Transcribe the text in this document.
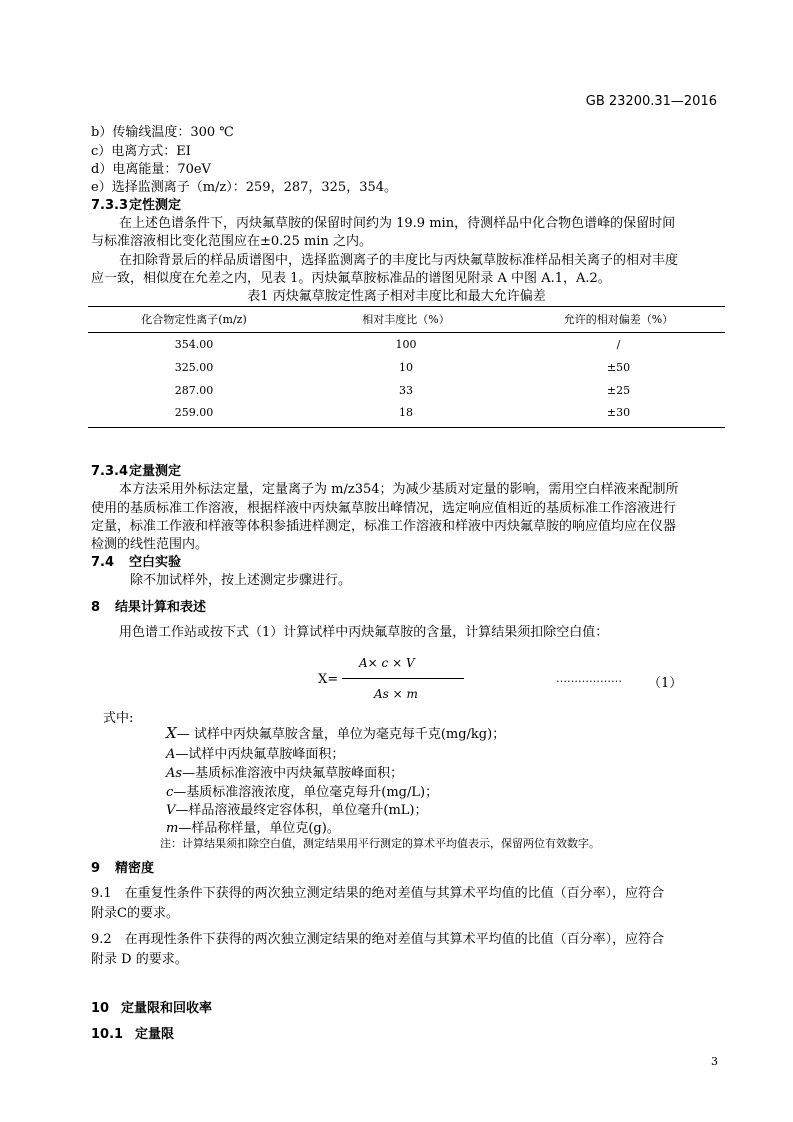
GB 23200.31—2016
b）传输线温度：300 ℃
c）电离方式：EI
d）电离能量：70eV
e）选择监测离子（m/z）：259，287，325，354。
7.3.3定性测定
在上述色谱条件下，丙炔氟草胺的保留时间约为 19.9 min，待测样品中化合物色谱峰的保留时间
与标准溶液相比变化范围应在±0.25 min 之内。
在扣除背景后的样品质谱图中，选择监测离子的丰度比与丙炔氟草胺标准样品相关离子的相对丰度
应一致，相似度在允差之内，见表 1。丙炔氟草胺标准品的谱图见附录 A 中图 A.1，A.2。
表1 丙炔氟草胺定性离子相对丰度比和最大允许偏差
化合物定性离子(m/z)	相对丰度比（%）	允许的相对偏差（%）
354.00	100	/
325.00	10	±50
287.00	33	±25
259.00	18	±30
7.3.4定量测定
本方法采用外标法定量，定量离子为 m/z354；为减少基质对定量的影响，需用空白样液来配制所
使用的基质标准工作溶液，根据样液中丙炔氟草胺出峰情况，选定响应值相近的基质标准工作溶液进行
定量，标准工作液和样液等体积参插进样测定，标准工作溶液和样液中丙炔氟草胺的响应值均应在仪器
检测的线性范围内。
7.4 空白实验
除不加试样外，按上述测定步骤进行。
8 结果计算和表述
用色谱工作站或按下式（1）计算试样中丙炔氟草胺的含量，计算结果须扣除空白值：
X=
A× c × V
As × m
……………… （1）
式中:
X— 试样中丙炔氟草胺含量，单位为毫克每千克(mg/kg)；
A—试样中丙炔氟草胺峰面积；
As—基质标准溶液中丙炔氟草胺峰面积；
c—基质标准溶液浓度，单位毫克每升(mg/L)；
V—样品溶液最终定容体积，单位毫升(mL)；
m—样品称样量，单位克(g)。
注：计算结果须扣除空白值，测定结果用平行测定的算术平均值表示，保留两位有效数字。
9 精密度
9.1　在重复性条件下获得的两次独立测定结果的绝对差值与其算术平均值的比值（百分率），应符合
附录C的要求。
9.2　在再现性条件下获得的两次独立测定结果的绝对差值与其算术平均值的比值（百分率），应符合
附录 D 的要求。
10 定量限和回收率
10.1 定量限
3
